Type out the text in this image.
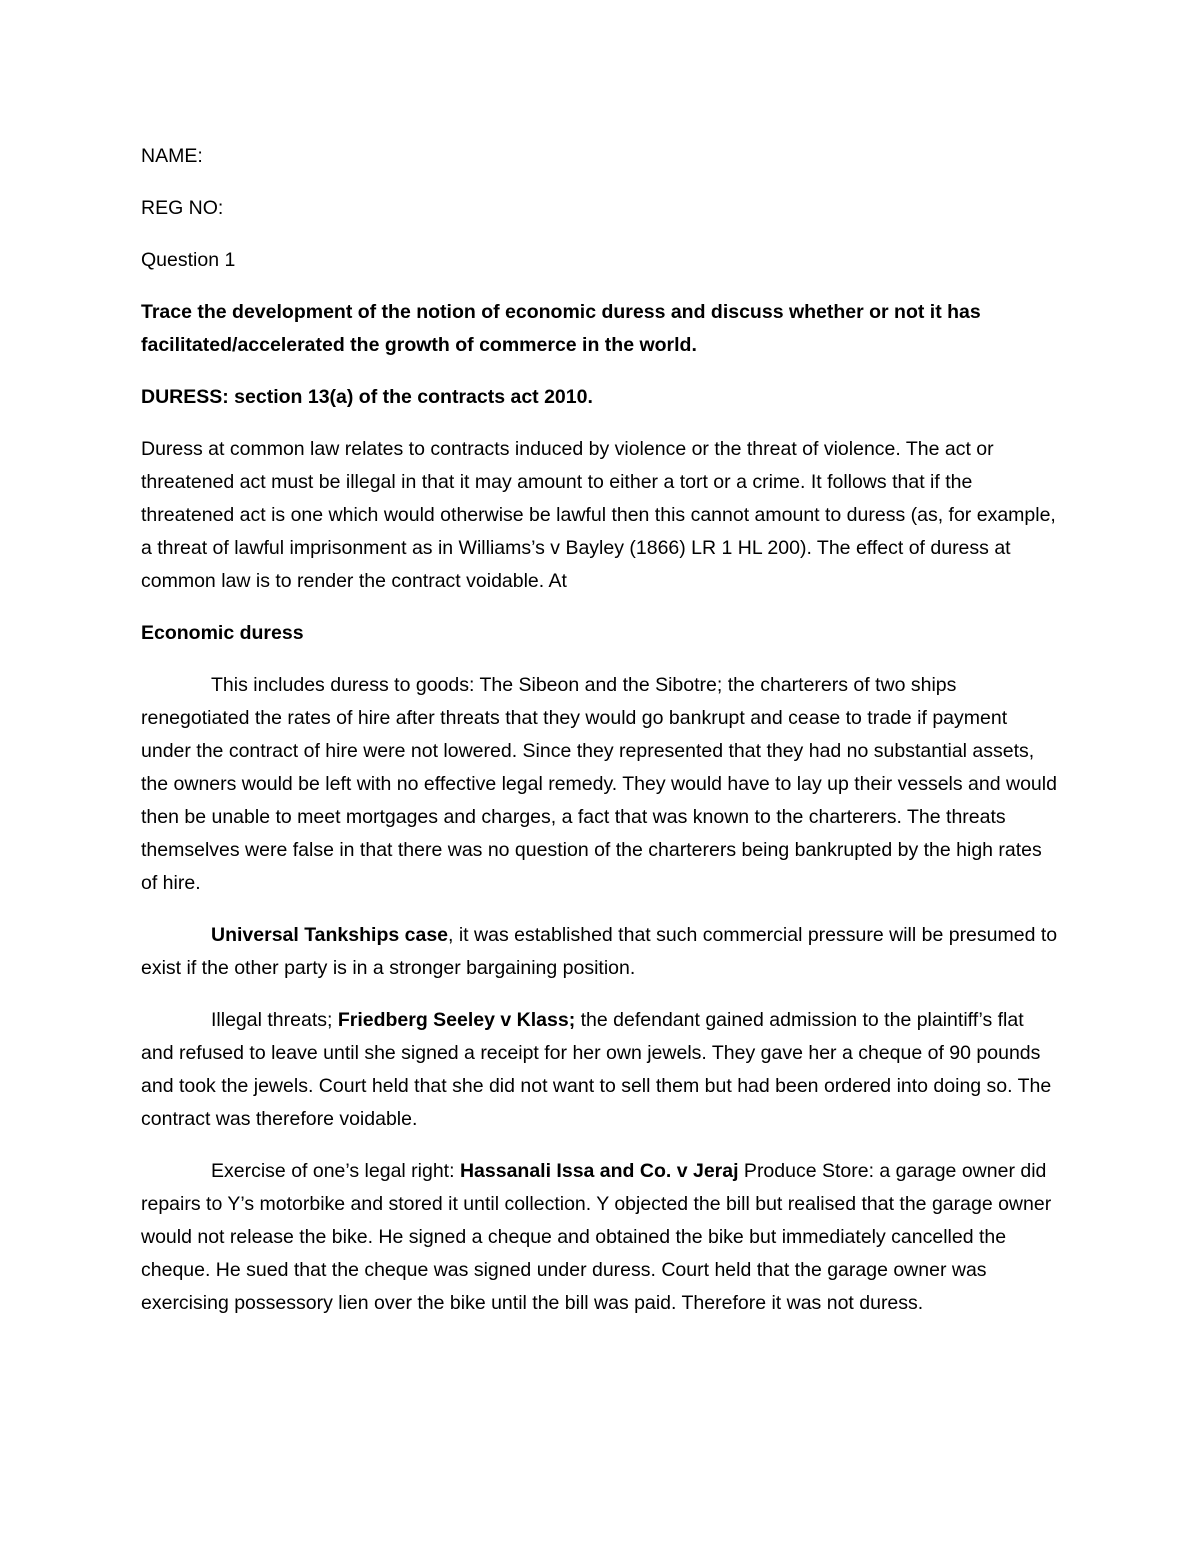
NAME:

REG NO:

Question 1

Trace the development of the notion of economic duress and discuss whether or not it has facilitated/accelerated the growth of commerce in the world.

DURESS: section 13(a) of the contracts act 2010.

Duress at common law relates to contracts induced by violence or the threat of violence. The act or threatened act must be illegal in that it may amount to either a tort or a crime. It follows that if the threatened act is one which would otherwise be lawful then this cannot amount to duress (as, for example, a threat of lawful imprisonment as in Williams’s v Bayley (1866) LR 1 HL 200). The effect of duress at common law is to render the contract voidable. At

Economic duress

This includes duress to goods: The Sibeon and the Sibotre; the charterers of two ships renegotiated the rates of hire after threats that they would go bankrupt and cease to trade if payment under the contract of hire were not lowered. Since they represented that they had no substantial assets, the owners would be left with no effective legal remedy. They would have to lay up their vessels and would then be unable to meet mortgages and charges, a fact that was known to the charterers. The threats themselves were false in that there was no question of the charterers being bankrupted by the high rates of hire.

Universal Tankships case, it was established that such commercial pressure will be presumed to exist if the other party is in a stronger bargaining position.

Illegal threats; Friedberg Seeley v Klass; the defendant gained admission to the plaintiff’s flat and refused to leave until she signed a receipt for her own jewels. They gave her a cheque of 90 pounds and took the jewels. Court held that she did not want to sell them but had been ordered into doing so. The contract was therefore voidable.

Exercise of one’s legal right: Hassanali Issa and Co. v Jeraj Produce Store: a garage owner did repairs to Y’s motorbike and stored it until collection. Y objected the bill but realised that the garage owner would not release the bike. He signed a cheque and obtained the bike but immediately cancelled the cheque. He sued that the cheque was signed under duress. Court held that the garage owner was exercising possessory lien over the bike until the bill was paid. Therefore it was not duress.
